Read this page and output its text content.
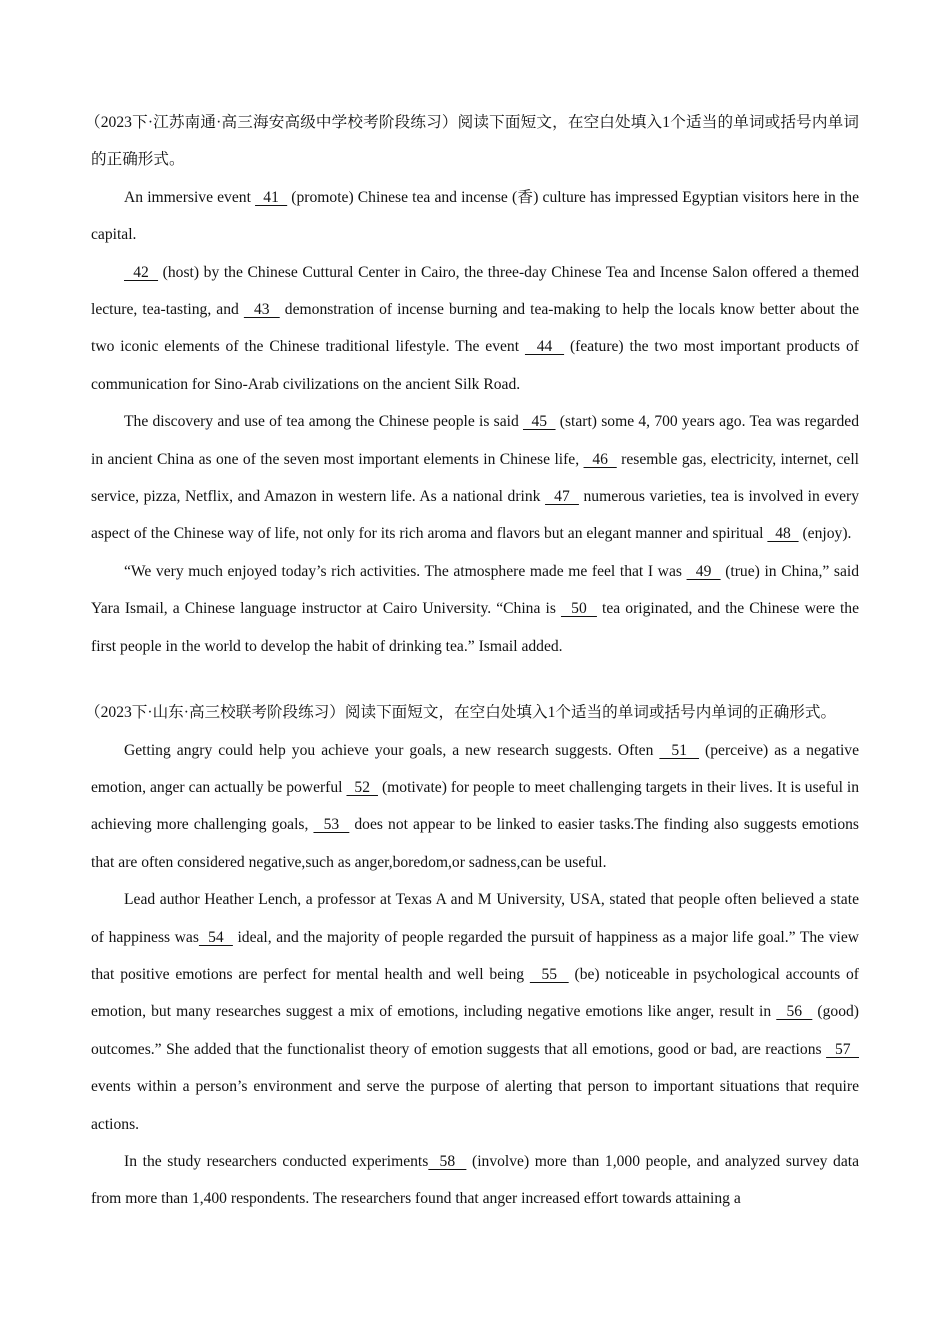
（2023下·江苏南通·高三海安高级中学校考阶段练习）阅读下面短文，在空白处填入1个适当的单词或括号内单词的正确形式。

An immersive event   41   (promote) Chinese tea and incense (香) culture has impressed Egyptian visitors here in the capital.

42   (host) by the Chinese Cuttural Center in Cairo, the three-day Chinese Tea and Incense Salon offered a themed lecture, tea-tasting, and   43   demonstration of incense burning and tea-making to help the locals know better about the two iconic elements of the Chinese traditional lifestyle. The event   44   (feature) the two most important products of communication for Sino-Arab civilizations on the ancient Silk Road.

The discovery and use of tea among the Chinese people is said   45   (start) some 4, 700 years ago. Tea was regarded in ancient China as one of the seven most important elements in Chinese life,   46   resemble gas, electricity, internet, cell service, pizza, Netflix, and Amazon in western life. As a national drink   47   numerous varieties, tea is involved in every aspect of the Chinese way of life, not only for its rich aroma and flavors but an elegant manner and spiritual   48   (enjoy).

“We very much enjoyed today’s rich activities. The atmosphere made me feel that I was   49   (true) in China,” said Yara Ismail, a Chinese language instructor at Cairo University. “China is   50   tea originated, and the Chinese were the first people in the world to develop the habit of drinking tea.” Ismail added.

（2023下·山东·高三校联考阶段练习）阅读下面短文，在空白处填入1个适当的单词或括号内单词的正确形式。

Getting angry could help you achieve your goals, a new research suggests. Often   51   (perceive) as a negative emotion, anger can actually be powerful   52   (motivate) for people to meet challenging targets in their lives. It is useful in achieving more challenging goals,   53   does not appear to be linked to easier tasks.The finding also suggests emotions that are often considered negative,such as anger,boredom,or sadness,can be useful.

Lead author Heather Lench, a professor at Texas A and M University, USA, stated that people often believed a state of happiness was  54   ideal, and the majority of people regarded the pursuit of happiness as a major life goal.” The view that positive emotions are perfect for mental health and well being   55   (be) noticeable in psychological accounts of emotion, but many researches suggest a mix of emotions, including negative emotions like anger, result in   56   (good) outcomes.” She added that the functionalist theory of emotion suggests that all emotions, good or bad, are reactions   57   events within a person’s environment and serve the purpose of alerting that person to important situations that require actions.

In the study researchers conducted experiments  58   (involve) more than 1,000 people, and analyzed survey data from more than 1,400 respondents. The researchers found that anger increased effort towards attaining a
